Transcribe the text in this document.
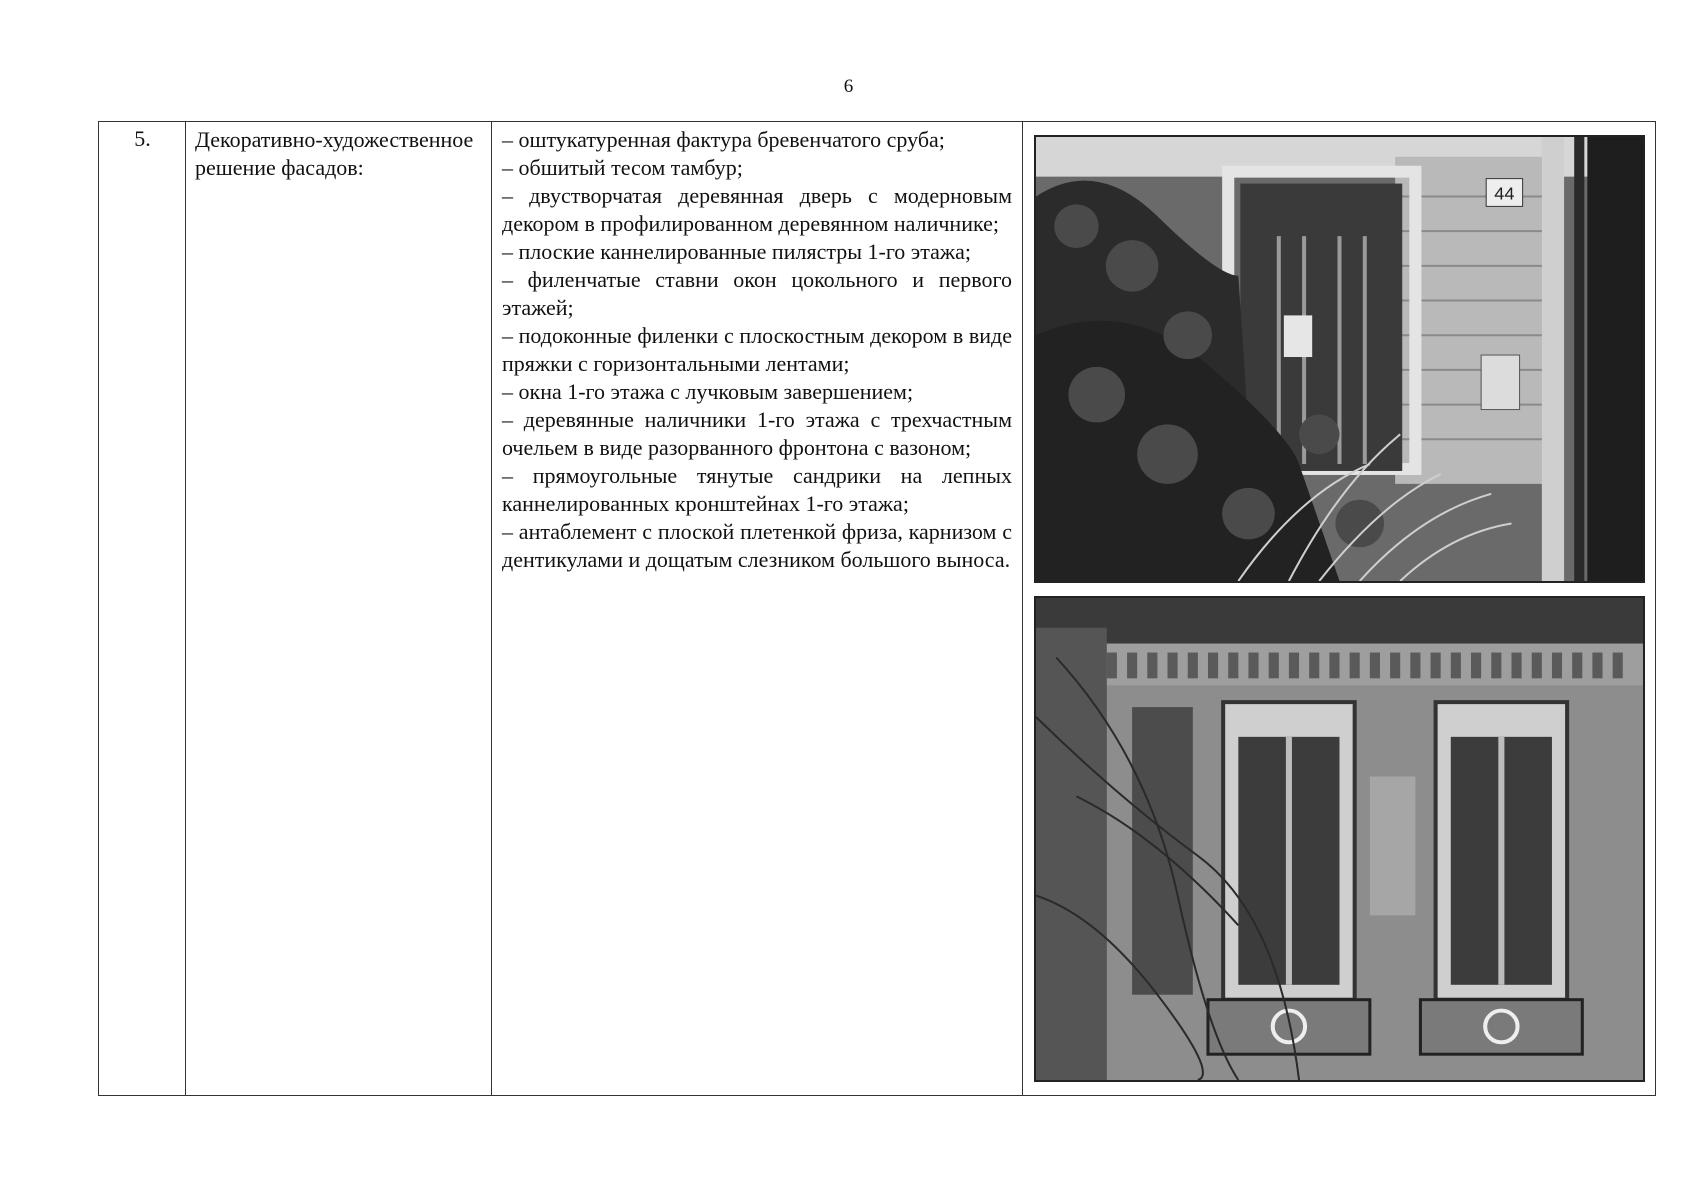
6
5.	Декоративно-художественное решение фасадов:
– оштукатуренная фактура бревенчатого сруба;
– обшитый тесом тамбур;
– двустворчатая деревянная дверь с модерновым декором в профилированном деревянном наличнике;
– плоские каннелированные пилястры 1-го этажа;
– филенчатые ставни окон цокольного и первого этажей;
– подоконные филенки с плоскостным декором в виде пряжки с горизонтальными лентами;
– окна 1-го этажа с лучковым завершением;
– деревянные наличники 1-го этажа с трехчастным очельем в виде разорванного фронтона с вазоном;
– прямоугольные тянутые сандрики на лепных каннелированных кронштейнах 1-го этажа;
– антаблемент с плоской плетенкой фриза, карнизом с дентикулами и дощатым слезником большого выноса.
44
